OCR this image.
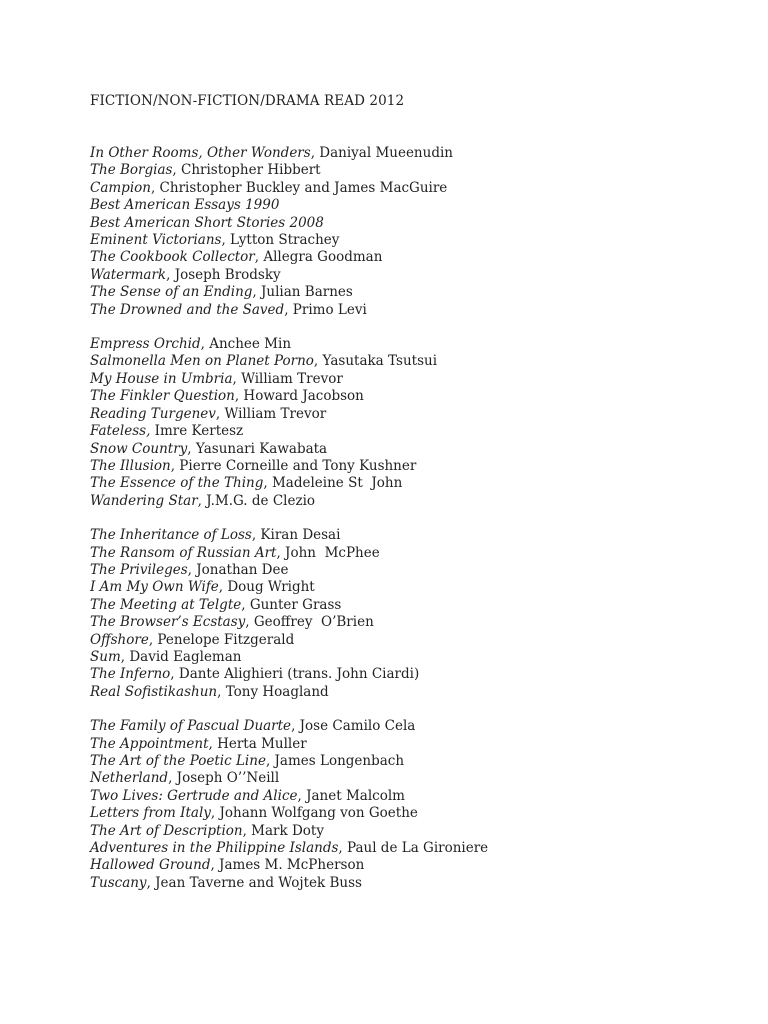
FICTION/NON-FICTION/DRAMA READ 2012
In Other Rooms, Other Wonders, Daniyal Mueenudin
The Borgias, Christopher Hibbert
Campion, Christopher Buckley and James MacGuire
Best American Essays 1990
Best American Short Stories 2008
Eminent Victorians, Lytton Strachey
The Cookbook Collector, Allegra Goodman
Watermark, Joseph Brodsky
The Sense of an Ending, Julian Barnes
The Drowned and the Saved, Primo Levi
Empress Orchid, Anchee Min
Salmonella Men on Planet Porno, Yasutaka Tsutsui
My House in Umbria, William Trevor
The Finkler Question, Howard Jacobson
Reading Turgenev, William Trevor
Fateless, Imre Kertesz
Snow Country, Yasunari Kawabata
The Illusion, Pierre Corneille and Tony Kushner
The Essence of the Thing, Madeleine St  John
Wandering Star, J.M.G. de Clezio
The Inheritance of Loss, Kiran Desai
The Ransom of Russian Art, John  McPhee
The Privileges, Jonathan Dee
I Am My Own Wife, Doug Wright
The Meeting at Telgte, Gunter Grass
The Browser’s Ecstasy, Geoffrey  O’Brien
Offshore, Penelope Fitzgerald
Sum, David Eagleman
The Inferno, Dante Alighieri (trans. John Ciardi)
Real Sofistikashun, Tony Hoagland
The Family of Pascual Duarte, Jose Camilo Cela
The Appointment, Herta Muller
The Art of the Poetic Line, James Longenbach
Netherland, Joseph O’’Neill
Two Lives: Gertrude and Alice, Janet Malcolm
Letters from Italy, Johann Wolfgang von Goethe
The Art of Description, Mark Doty
Adventures in the Philippine Islands, Paul de La Gironiere
Hallowed Ground, James M. McPherson
Tuscany, Jean Taverne and Wojtek Buss
